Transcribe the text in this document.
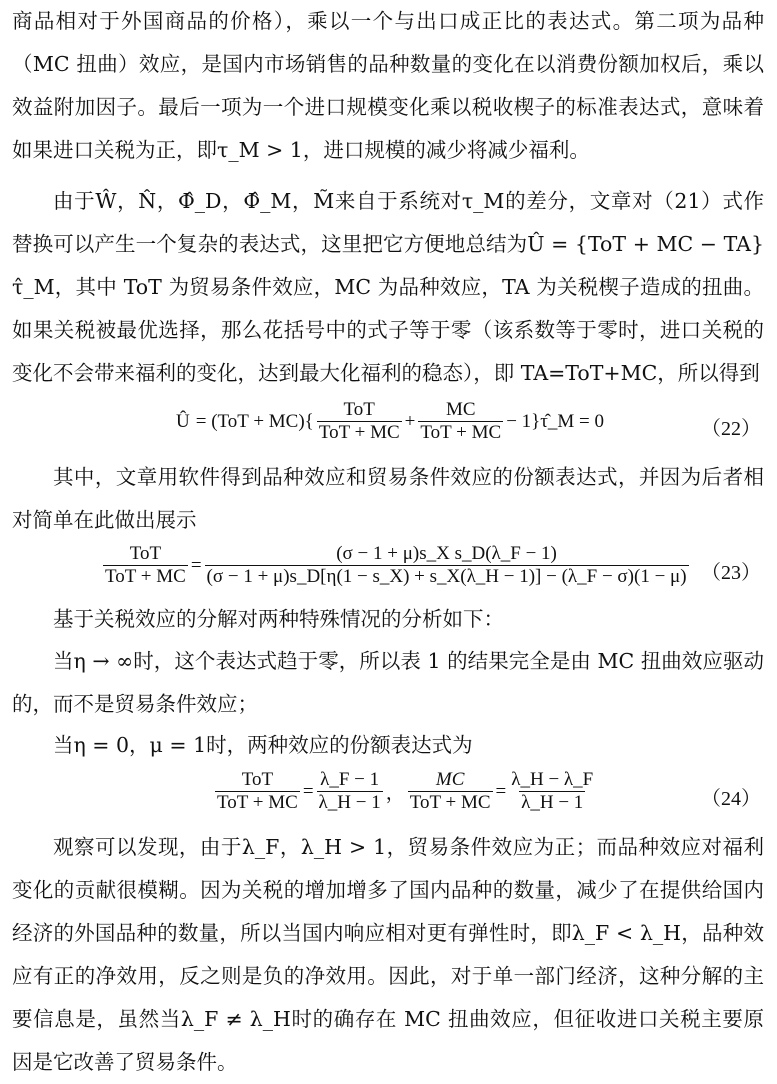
商品相对于外国商品的价格），乘以一个与出口成正比的表达式。第二项为品种（MC 扭曲）效应，是国内市场销售的品种数量的变化在以消费份额加权后，乘以效益附加因子。最后一项为一个进口规模变化乘以税收楔子的标准表达式，意味着如果进口关税为正，即τ_M > 1，进口规模的减少将减少福利。

由于Ŵ，N̂，Φ̂_D，Φ̂_M，M̃来自于系统对τ_M的差分，文章对（21）式作替换可以产生一个复杂的表达式，这里把它方便地总结为Û = {ToT + MC − TA}τ̂_M，其中 ToT 为贸易条件效应，MC 为品种效应，TA 为关税楔子造成的扭曲。如果关税被最优选择，那么花括号中的式子等于零（该系数等于零时，进口关税的变化不会带来福利的变化，达到最大化福利的稳态），即 TA=ToT+MC，所以得到

Û = $(ToT + MC)\{ \frac{\text{ToT}}{\text{ToT + MC}} + \frac{MC}{\text{ToT + MC}}$ − 1}τ̂_M = 0	（22）

其中，文章用软件得到品种效应和贸易条件效应的份额表达式，并因为后者相对简单在此做出展示

$\frac{\text{ToT}}{\text{ToT + MC}} = \frac{\text{(σ − 1 + μ)s\_X s\_D(λ\_F − 1)}}{(\sigma - 1 + \mu)s\_D[\eta(1 - s\_X) + s\_X(\lambda\_H - 1)] - (\lambda\_F - \sigma)(1 - \mu)} (23)$

基于关税效应的分解对两种特殊情况的分析如下：

当η → ∞时，这个表达式趋于零，所以表 1 的结果完全是由 MC 扭曲效应驱动的，而不是贸易条件效应；

当η = 0，μ = 1时，两种效应的份额表达式为

$\frac{\text{ToT}}{\text{ToT + MC}} = \frac{\lambda\_F - 1}{\lambda\_H - 1}$ ， $\frac{MC}{\text{ToT + MC}} = \frac{\lambda\_H - \lambda\_F}{\lambda\_H - 1}$	（24）

观察可以发现，由于λ_F，λ_H > 1，贸易条件效应为正；而品种效应对福利变化的贡献很模糊。因为关税的增加增多了国内品种的数量，减少了在提供给国内经济的外国品种的数量，所以当国内响应相对更有弹性时，即λ_F < λ_H，品种效应有正的净效用，反之则是负的净效用。因此，对于单一部门经济，这种分解的主要信息是，虽然当λ_F ≠ λ_H时的确存在 MC 扭曲效应，但征收进口关税主要原因是它改善了贸易条件。
